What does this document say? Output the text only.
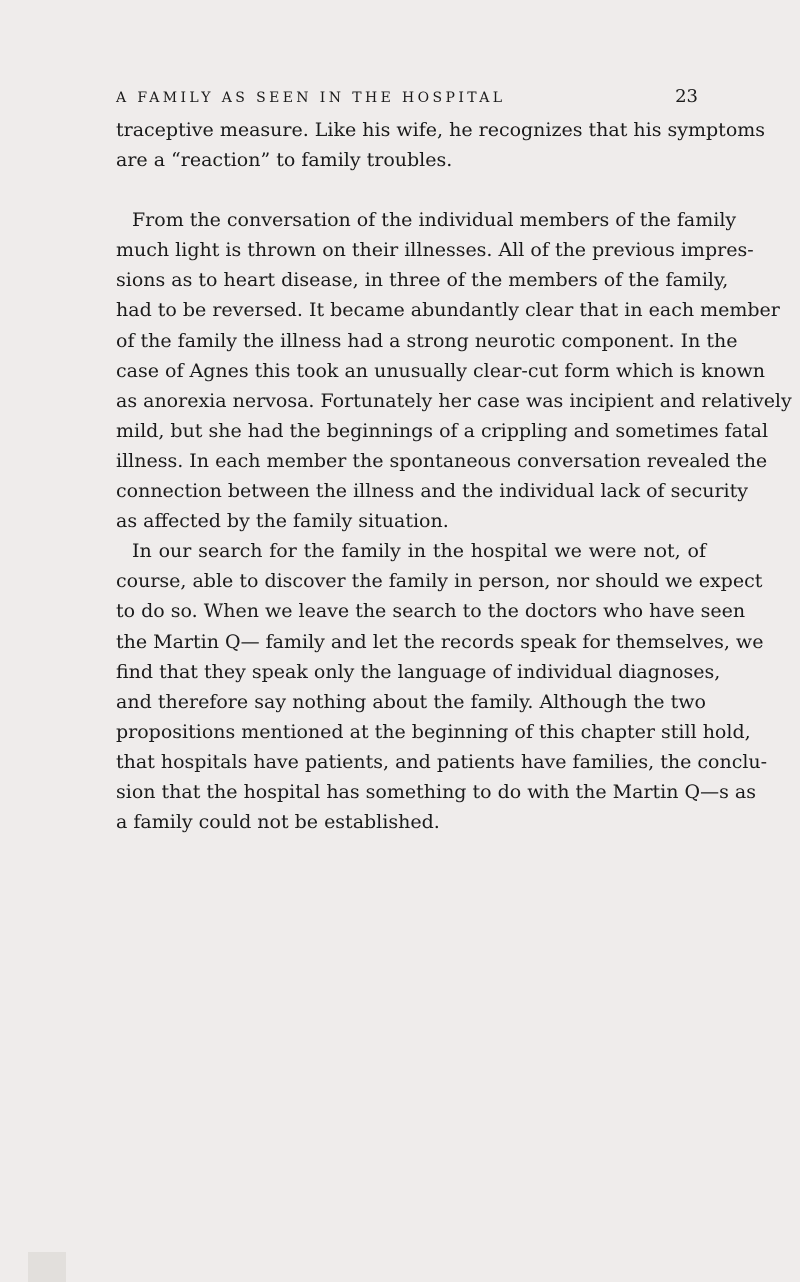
A FAMILY AS SEEN IN THE HOSPITAL	23
traceptive measure. Like his wife, he recognizes that his symptoms
are a “reaction” to family troubles.
From the conversation of the individual members of the family
much light is thrown on their illnesses. All of the previous impres-
sions as to heart disease, in three of the members of the family,
had to be reversed. It became abundantly clear that in each member
of the family the illness had a strong neurotic component. In the
case of Agnes this took an unusually clear-cut form which is known
as anorexia nervosa. Fortunately her case was incipient and relatively
mild, but she had the beginnings of a crippling and sometimes fatal
illness. In each member the spontaneous conversation revealed the
connection between the illness and the individual lack of security
as affected by the family situation.
In our search for the family in the hospital we were not, of
course, able to discover the family in person, nor should we expect
to do so. When we leave the search to the doctors who have seen
the Martin Q— family and let the records speak for themselves, we
find that they speak only the language of individual diagnoses,
and therefore say nothing about the family. Although the two
propositions mentioned at the beginning of this chapter still hold,
that hospitals have patients, and patients have families, the conclu-
sion that the hospital has something to do with the Martin Q—s as
a family could not be established.
